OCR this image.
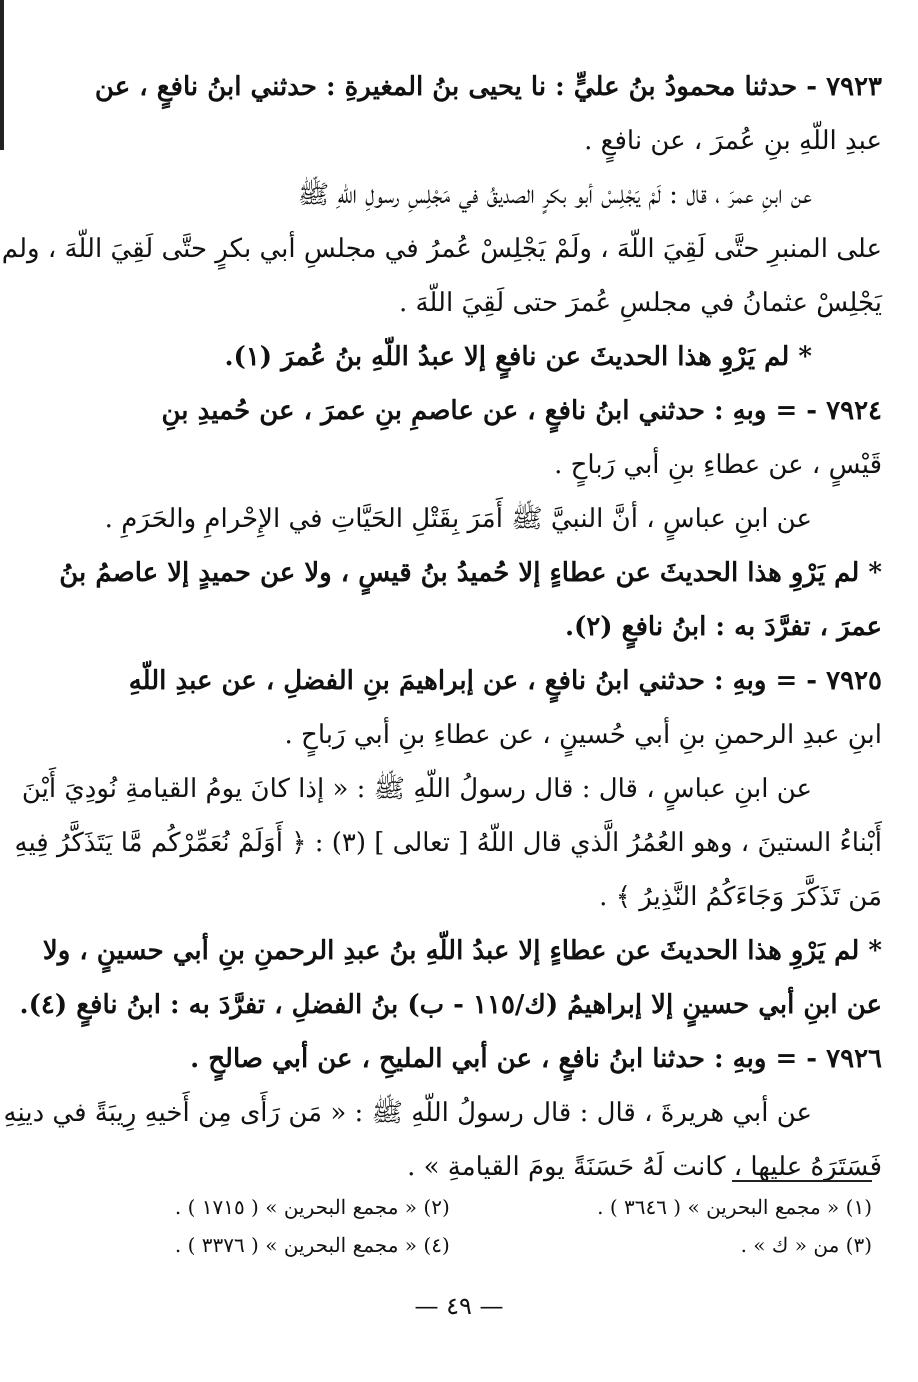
٧٩٢٣ - حدثنا محمودُ بنُ عليٍّ : نا يحيى بنُ المغيرةِ : حدثني ابنُ نافعٍ ، عن
عبدِ اللّهِ بنِ عُمرَ ، عن نافعٍ .
عن ابنِ عمرَ ، قال : لَمْ يَجْلِسْ أبو بكرٍ الصديقُ في مَجْلِسِ رسولِ اللّهِ ﷺ
على المنبرِ حتَّى لَقِيَ اللّهَ ، ولَمْ يَجْلِسْ عُمرُ في مجلسِ أبي بكرٍ حتَّى لَقِيَ اللّهَ ، ولم
يَجْلِسْ عثمانُ في مجلسِ عُمرَ حتى لَقِيَ اللّهَ .
* لم يَرْوِ هذا الحديثَ عن نافعٍ إلا عبدُ اللّهِ بنُ عُمرَ (١).
٧٩٢٤ - = وبهِ : حدثني ابنُ نافعٍ ، عن عاصمِ بنِ عمرَ ، عن حُميدِ بنِ
قَيْسٍ ، عن عطاءِ بنِ أبي رَباحٍ .
عن ابنِ عباسٍ ، أنَّ النبيَّ ﷺ أَمَرَ بِقَتْلِ الحَيَّاتِ في الإِحْرامِ والحَرَمِ .
* لم يَرْوِ هذا الحديثَ عن عطاءٍ إلا حُميدُ بنُ قيسٍ ، ولا عن حميدٍ إلا عاصمُ بنُ
عمرَ ، تفرَّدَ به : ابنُ نافعٍ (٢).
٧٩٢٥ - = وبهِ : حدثني ابنُ نافعٍ ، عن إبراهيمَ بنِ الفضلِ ، عن عبدِ اللّهِ
ابنِ عبدِ الرحمنِ بنِ أبي حُسينٍ ، عن عطاءِ بنِ أبي رَباحٍ .
عن ابنِ عباسٍ ، قال : قال رسولُ اللّهِ ﷺ : « إذا كانَ يومُ القيامةِ نُودِيَ أَيْنَ
أَبْناءُ الستينَ ، وهو العُمُرُ الَّذي قال اللّهُ [ تعالى ] (٣) : ﴿ أَوَلَمْ نُعَمِّرْكُم مَّا يَتَذَكَّرُ فِيهِ
مَن تَذَكَّرَ وَجَاءَكُمُ النَّذِيرُ ﴾ .
* لم يَرْوِ هذا الحديثَ عن عطاءٍ إلا عبدُ اللّهِ بنُ عبدِ الرحمنِ بنِ أبي حسينٍ ، ولا
عن ابنِ أبي حسينٍ إلا إبراهيمُ (ك/١١٥ - ب) بنُ الفضلِ ، تفرَّدَ به : ابنُ نافعٍ (٤).
٧٩٢٦ - = وبهِ : حدثنا ابنُ نافعٍ ، عن أبي المليحِ ، عن أبي صالحٍ .
عن أبي هريرةَ ، قال : قال رسولُ اللّهِ ﷺ : « مَن رَأَى مِن أَخيهِ رِيبَةً في دينِهِ
فَسَتَرَهُ عليها ، كانت لَهُ حَسَنَةً يومَ القيامةِ » .
(١) « مجمع البحرين » ( ٣٦٤٦ ) .
(٢) « مجمع البحرين » ( ١٧١٥ ) .
(٣) من « ك » .
(٤) « مجمع البحرين » ( ٣٣٧٦ ) .
— ٤٩ —
